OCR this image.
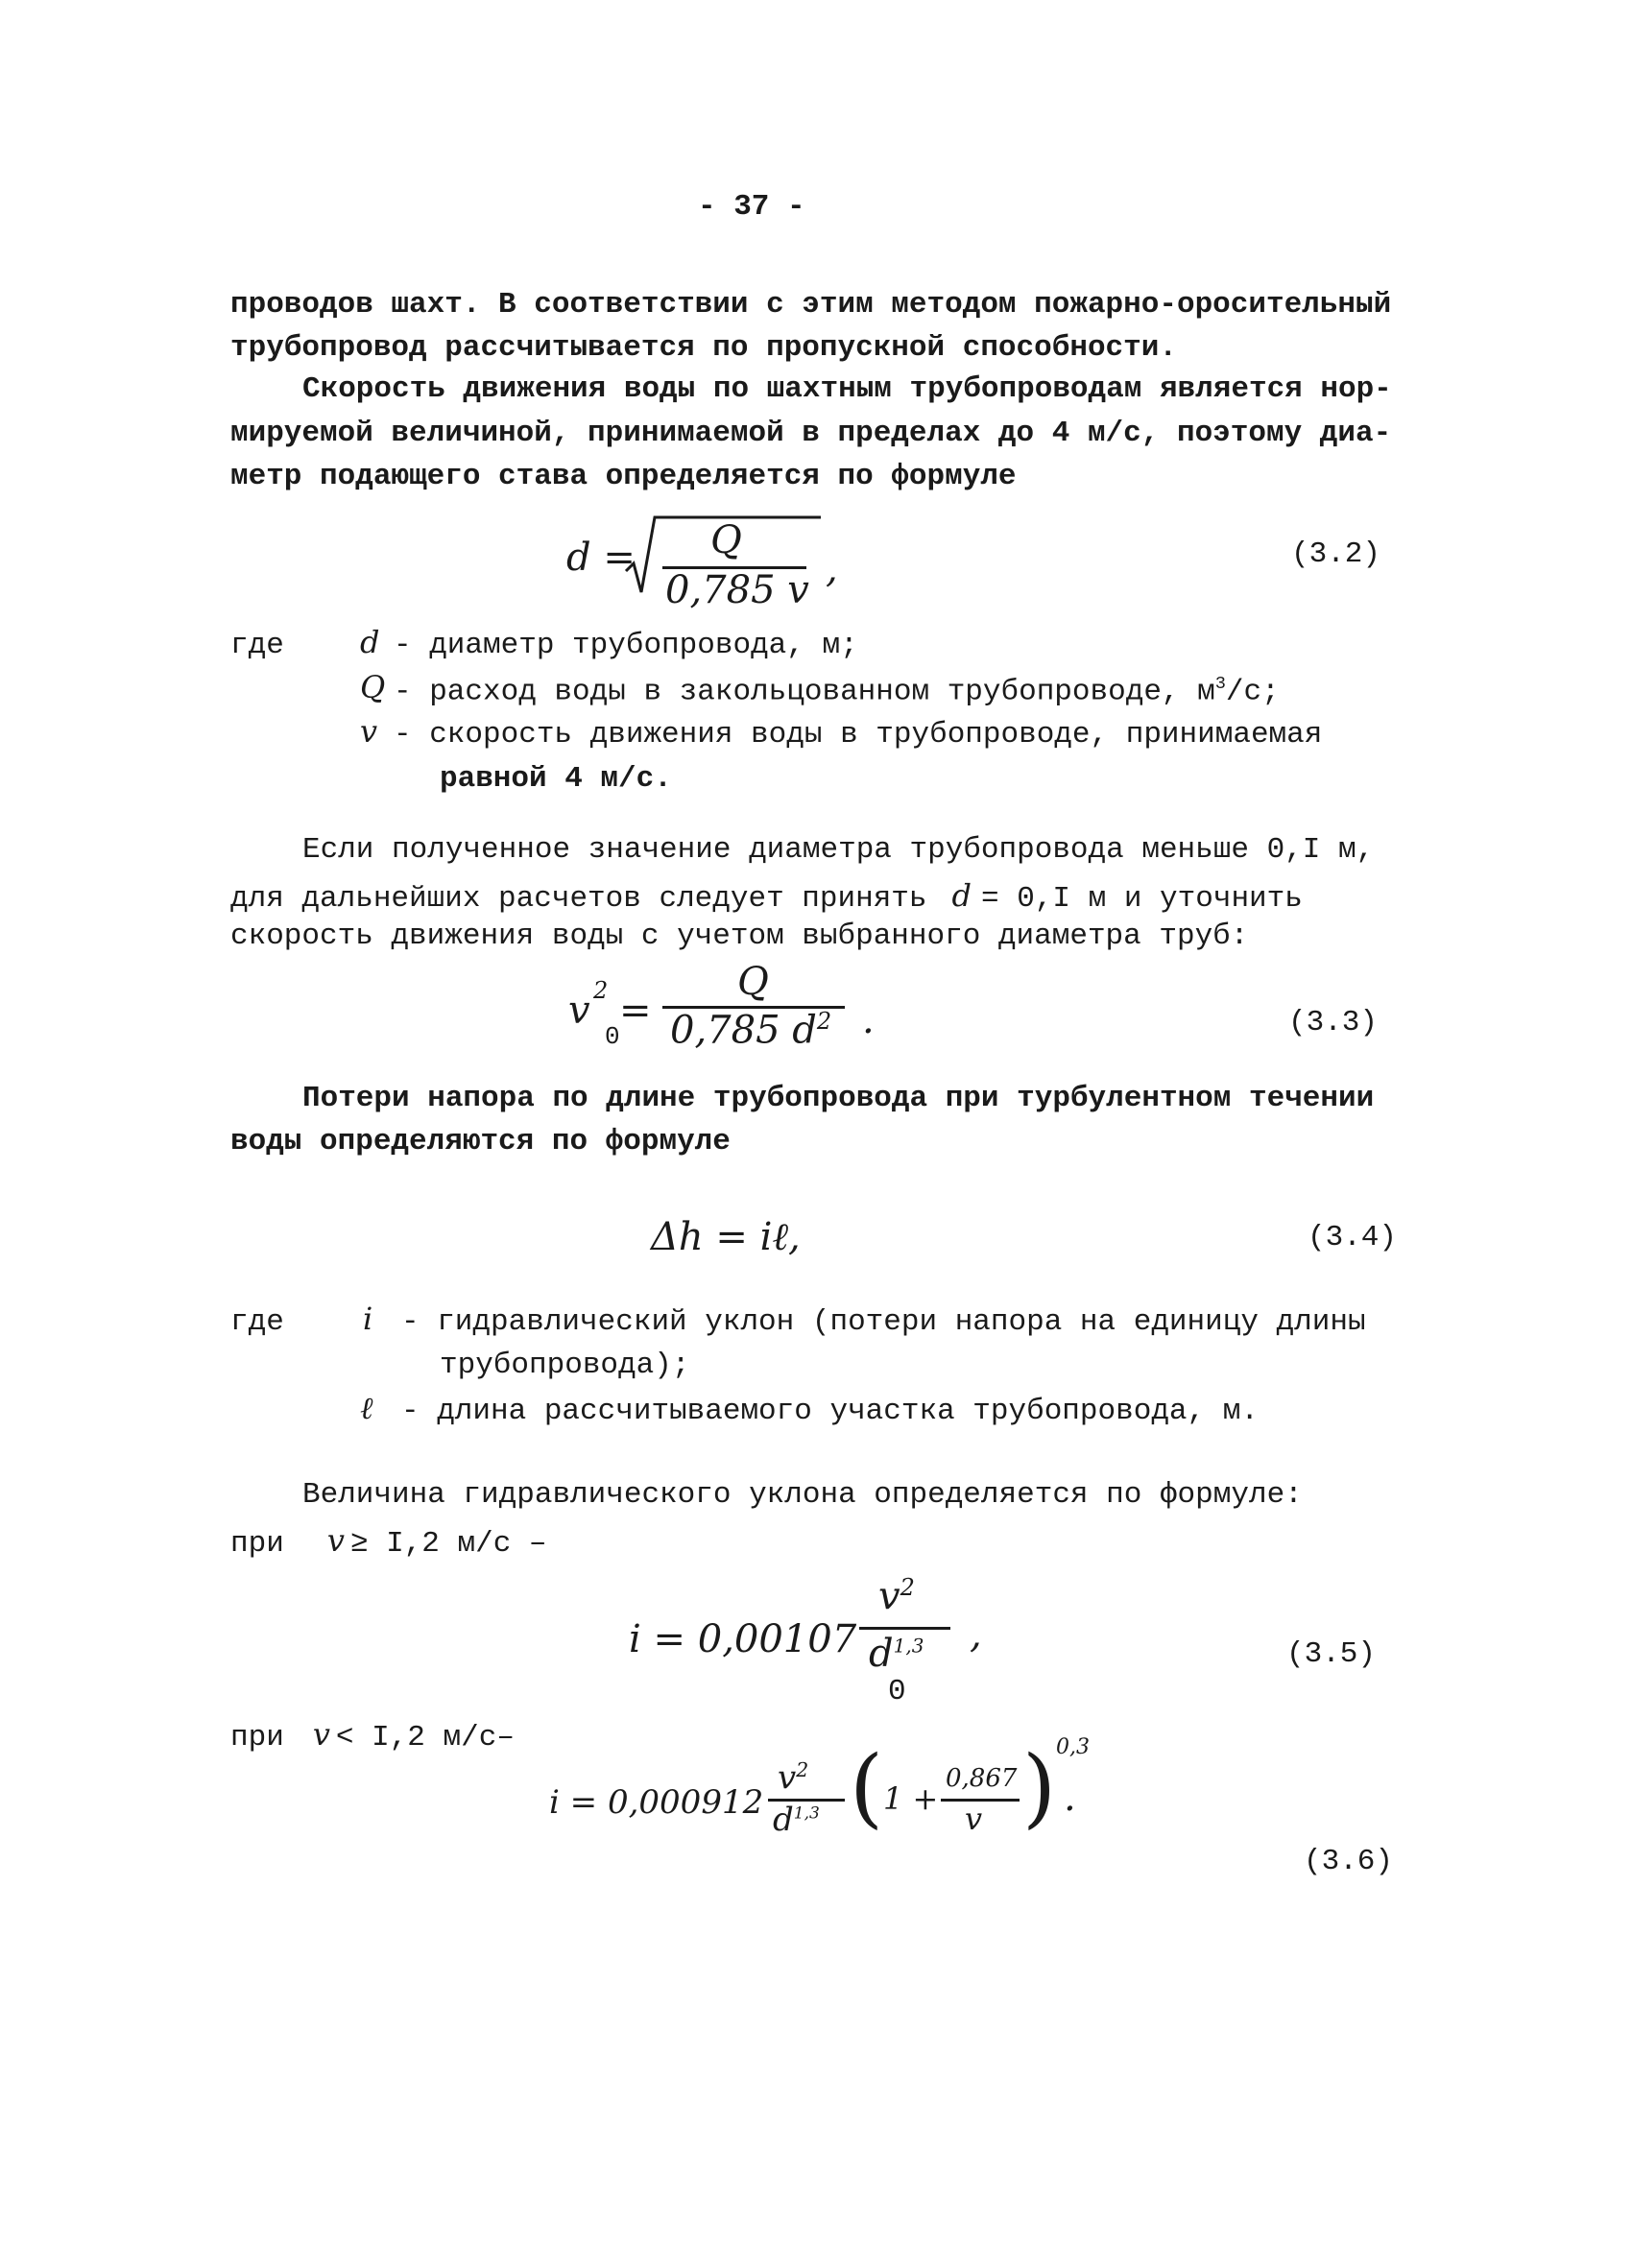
- 37 -
проводов шахт. В соответствии с этим методом пожарно-оросительный
трубопровод рассчитывается по пропускной способности.
Скорость движения воды по шахтным трубопроводам является нор-
мируемой величиной, принимаемой в пределах до 4 м/с, поэтому диа-
метр подающего става определяется по формуле
d = Q
0,785 v ,	(3.2)
где d - диаметр трубопровода, м;
Q - расход воды в закольцованном трубопроводе, $м^3/с$;
v - скорость движения воды в трубопроводе, принимаемая
равной 4 м/с.
Если полученное значение диаметра трубопровода меньше 0,I м,
для дальнейших расчетов следует принять d = 0,I м и уточнить
скорость движения воды с учетом выбранного диаметра труб:
v 2
0
=
Q
0,785 $d^2$ .	(3.3)
Потери напора по длине трубопровода при турбулентном течении
воды определяются по формуле
Δh = iℓ,	(3.4)
где	i - гидравлический уклон (потери напора на единицу длины
трубопровода);
ℓ - длина рассчитываемого участка трубопровода, м.
Величина гидравлического уклона определяется по формуле:
при v ≥ I,2 м/с –
i = 0,00107
$v^2$
$d^{1,3}$
0
,	(3.5)
при v < I,2 м/с–
i = 0,000912
$v^2$
$d^{1,3}$ ( 1 +
0,867
v ) 0,3
.
(3.6)
